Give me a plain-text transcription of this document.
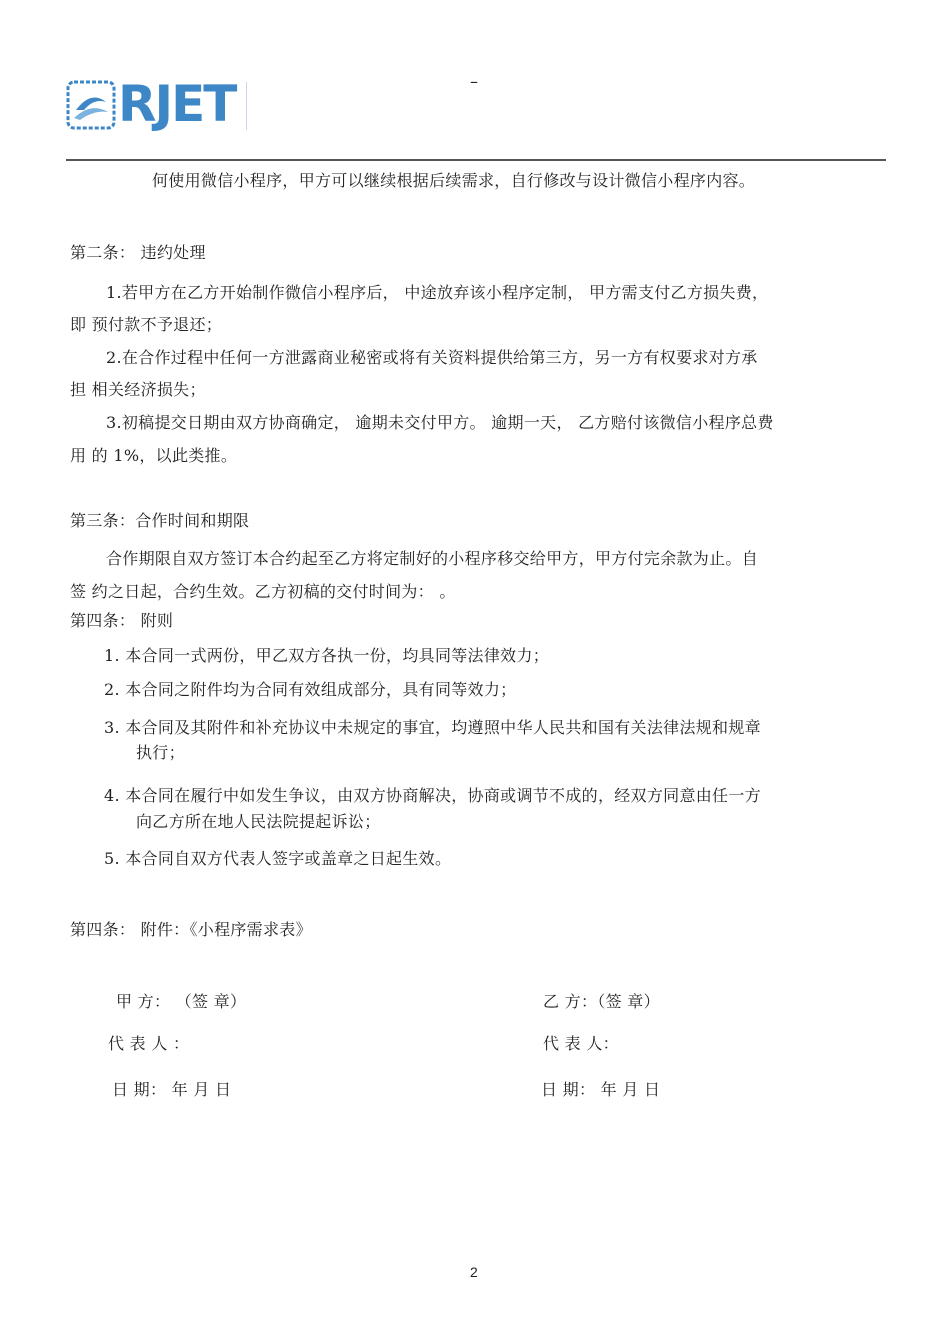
RJET	–
何使用微信小程序，甲方可以继续根据后续需求，自行修改与设计微信小程序内容。
第二条： 违约处理
1.若甲方在乙方开始制作微信小程序后， 中途放弃该小程序定制， 甲方需支付乙方损失费，
即 预付款不予退还；
2.在合作过程中任何一方泄露商业秘密或将有关资料提供给第三方，另一方有权要求对方承
担 相关经济损失；
3.初稿提交日期由双方协商确定， 逾期未交付甲方。 逾期一天， 乙方赔付该微信小程序总费
用 的 1%，以此类推。
第三条：合作时间和期限
合作期限自双方签订本合约起至乙方将定制好的小程序移交给甲方，甲方付完余款为止。自
签 约之日起，合约生效。乙方初稿的交付时间为： 。
第四条： 附则
1. 本合同一式两份，甲乙双方各执一份，均具同等法律效力；
2. 本合同之附件均为合同有效组成部分，具有同等效力；
3. 本合同及其附件和补充协议中未规定的事宜，均遵照中华人民共和国有关法律法规和规章
执行；
4. 本合同在履行中如发生争议，由双方协商解决，协商或调节不成的，经双方同意由任一方
向乙方所在地人民法院提起诉讼；
5. 本合同自双方代表人签字或盖章之日起生效。
第四条： 附件：《小程序需求表》
甲 方： （签 章）
代 表 人 ：
日 期： 年 月 日
乙 方：（签 章）
代 表 人：
日 期： 年 月 日
2
